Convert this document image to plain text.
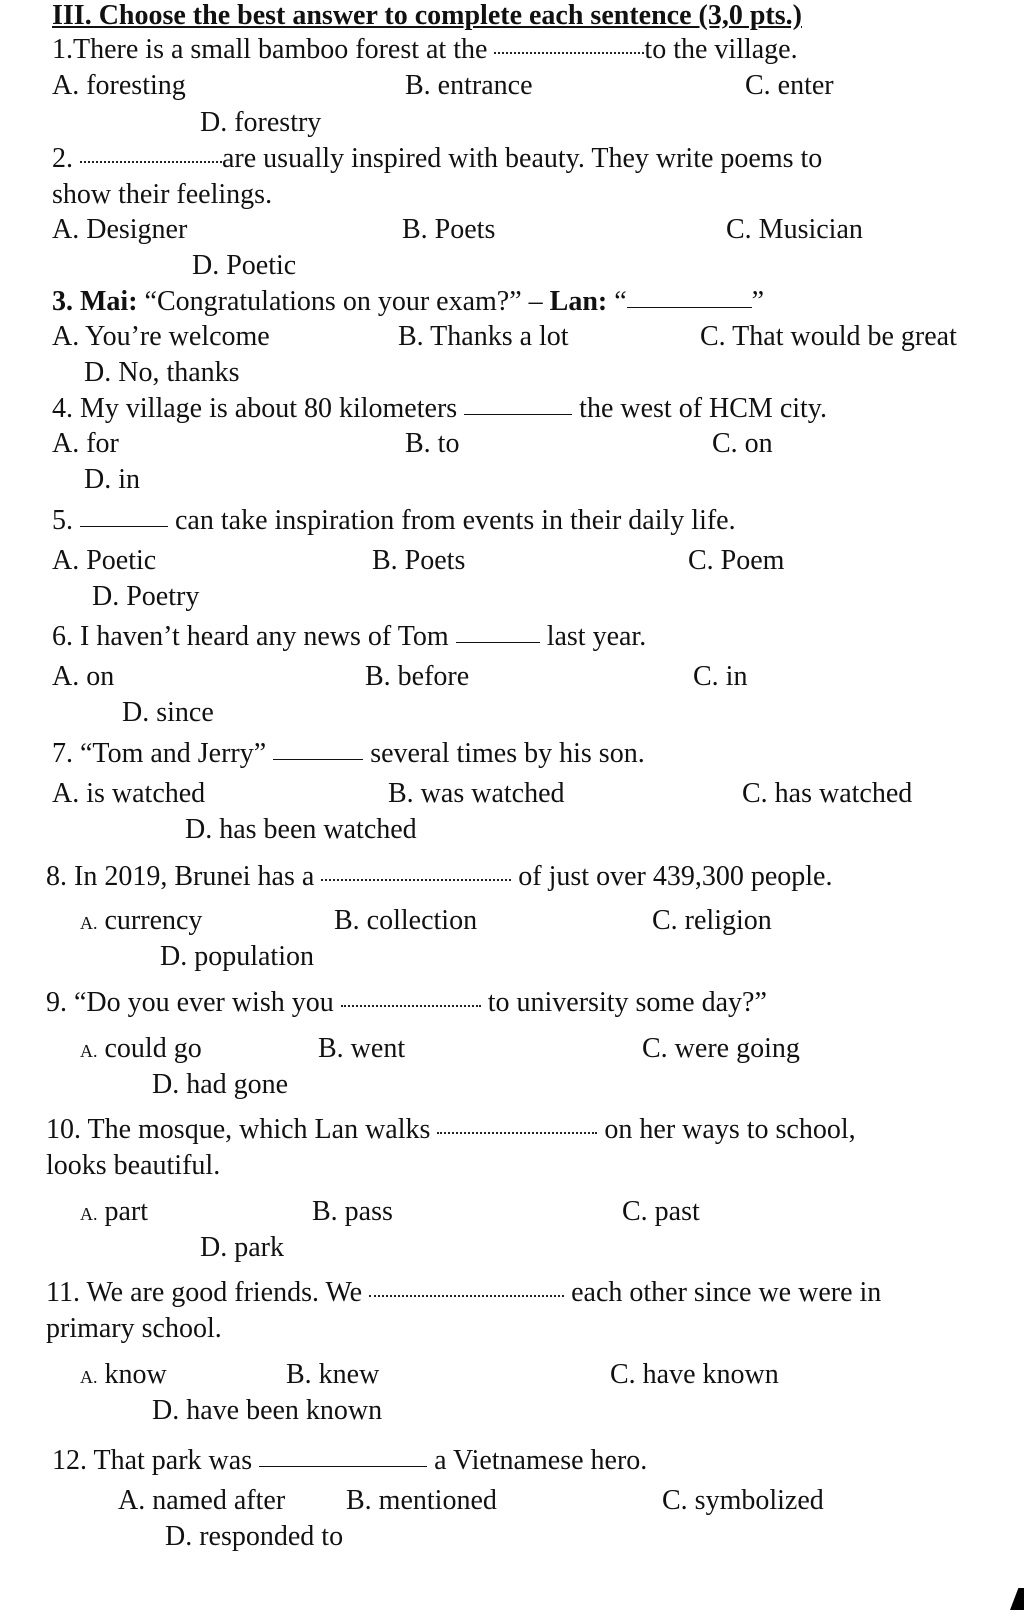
III. Choose the best answer to complete each sentence (3,0 pts.)
1.There is a small bamboo forest at the	to the village.
A. foresting	B. entrance	C. enter
D. forestry
2.	are usually inspired with beauty. They write poems to
show their feelings.
A. Designer	B. Poets	C. Musician
D. Poetic
3. Mai: “Congratulations on your exam?” – Lan: “	”
A. You’re welcome	B. Thanks a lot	C. That would be great
D. No, thanks
4. My village is about 80 kilometers	the west of HCM city.
A. for	B. to	C. on
D. in
5.	can take inspiration from events in their daily life.
A. Poetic	B. Poets	C. Poem
D. Poetry
6. I haven’t heard any news of Tom	last year.
A. on	B. before	C. in
D. since
7. “Tom and Jerry”	several times by his son.
A. is watched	B. was watched	C. has watched
D. has been watched
8. In 2019, Brunei has a	of just over 439,300 people.
A. currency	B. collection	C. religion
D. population
9. “Do you ever wish you	to university some day?”
A. could go	B. went	C. were going
D. had gone
10. The mosque, which Lan walks	on her ways to school,
looks beautiful.
A. part	B. pass	C. past
D. park
11. We are good friends. We	each other since we were in
primary school.
A. know	B. knew	C. have known
D. have been known
12. That park was	a Vietnamese hero.
A. named after B. mentioned	C. symbolized
D. responded to
